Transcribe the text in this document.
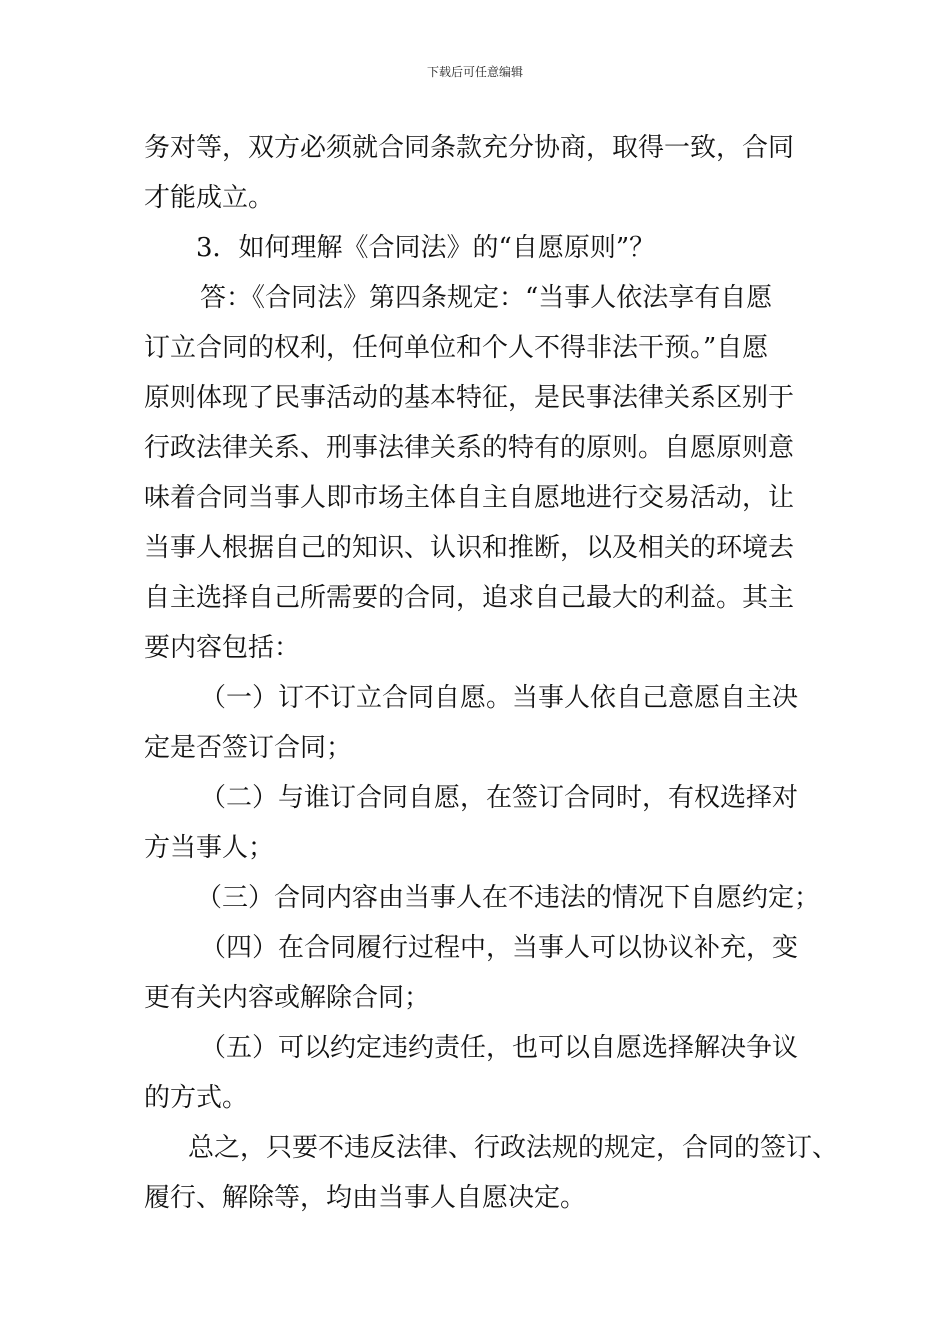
下载后可任意编辑
务对等，双方必须就合同条款充分协商，取得一致，合同
才能成立。
3．如何理解《合同法》的“自愿原则”？
答：《合同法》第四条规定：“当事人依法享有自愿
订立合同的权利，任何单位和个人不得非法干预。”自愿
原则体现了民事活动的基本特征，是民事法律关系区别于
行政法律关系、刑事法律关系的特有的原则。自愿原则意
味着合同当事人即市场主体自主自愿地进行交易活动，让
当事人根据自己的知识、认识和推断，以及相关的环境去
自主选择自己所需要的合同，追求自己最大的利益。其主
要内容包括：
（一）订不订立合同自愿。当事人依自己意愿自主决
定是否签订合同；
（二）与谁订合同自愿，在签订合同时，有权选择对
方当事人；
（三）合同内容由当事人在不违法的情况下自愿约定；
（四）在合同履行过程中，当事人可以协议补充，变
更有关内容或解除合同；
（五）可以约定违约责任，也可以自愿选择解决争议
的方式。
总之，只要不违反法律、行政法规的规定，合同的签订、
履行、解除等，均由当事人自愿决定。
